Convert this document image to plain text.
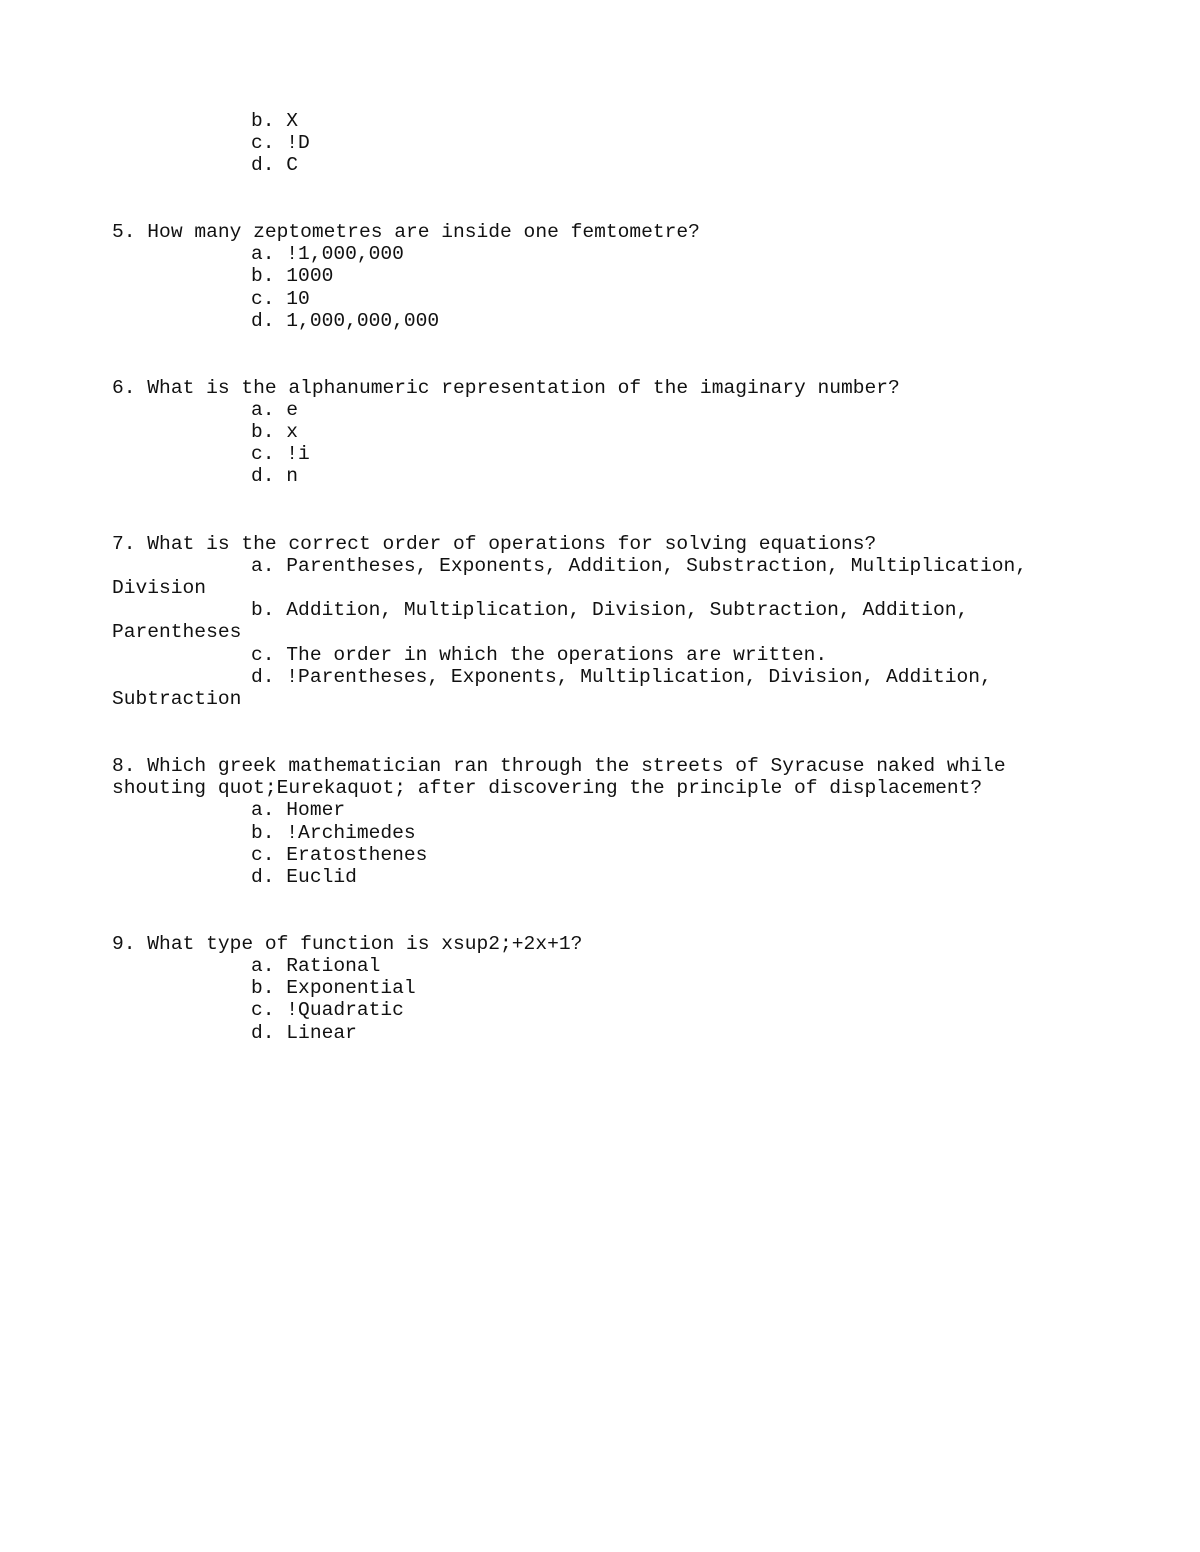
b. X
c. !D
d. C
5. How many zeptometres are inside one femtometre?
a. !1,000,000
b. 1000
c. 10
d. 1,000,000,000
6. What is the alphanumeric representation of the imaginary number?
a. e
b. x
c. !i
d. n
7. What is the correct order of operations for solving equations?
a. Parentheses, Exponents, Addition, Substraction, Multiplication,
Division
b. Addition, Multiplication, Division, Subtraction, Addition,
Parentheses
c. The order in which the operations are written.
d. !Parentheses, Exponents, Multiplication, Division, Addition,
Subtraction
8. Which greek mathematician ran through the streets of Syracuse naked while
shouting quot;Eurekaquot; after discovering the principle of displacement?
a. Homer
b. !Archimedes
c. Eratosthenes
d. Euclid
9. What type of function is xsup2;+2x+1?
a. Rational
b. Exponential
c. !Quadratic
d. Linear
